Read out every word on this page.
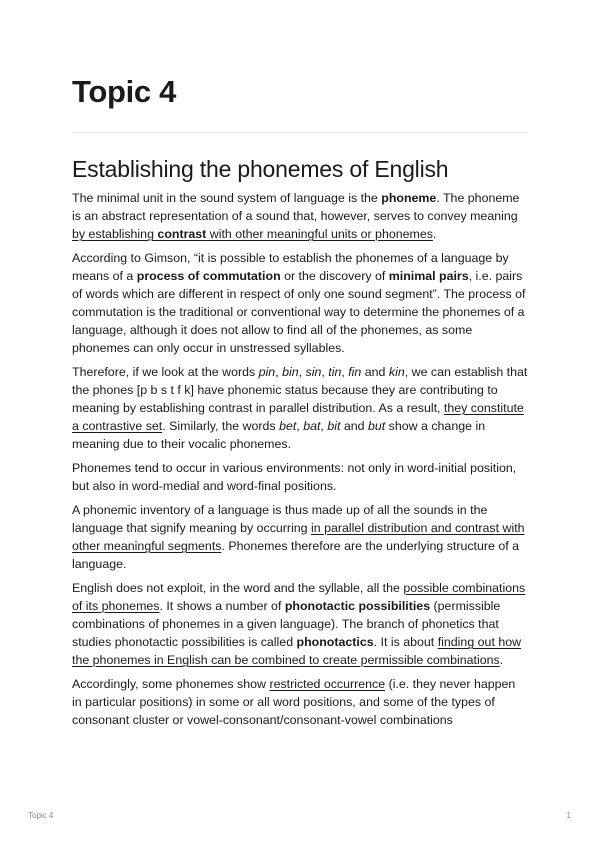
Topic 4
Establishing the phonemes of English

The minimal unit in the sound system of language is the phoneme. The phoneme is an abstract representation of a sound that, however, serves to convey meaning by establishing contrast with other meaningful units or phonemes.

According to Gimson, “it is possible to establish the phonemes of a language by means of a process of commutation or the discovery of minimal pairs, i.e. pairs of words which are different in respect of only one sound segment”. The process of commutation is the traditional or conventional way to determine the phonemes of a language, although it does not allow to find all of the phonemes, as some phonemes can only occur in unstressed syllables.

Therefore, if we look at the words pin, bin, sin, tin, fin and kin, we can establish that the phones [p b s t f k] have phonemic status because they are contributing to meaning by establishing contrast in parallel distribution. As a result, they constitute a contrastive set. Similarly, the words bet, bat, bit and but show a change in meaning due to their vocalic phonemes.

Phonemes tend to occur in various environments: not only in word-initial position, but also in word-medial and word-final positions.

A phonemic inventory of a language is thus made up of all the sounds in the language that signify meaning by occurring in parallel distribution and contrast with other meaningful segments. Phonemes therefore are the underlying structure of a language.

English does not exploit, in the word and the syllable, all the possible combinations of its phonemes. It shows a number of phonotactic possibilities (permissible combinations of phonemes in a given language). The branch of phonetics that studies phonotactic possibilities is called phonotactics. It is about finding out how the phonemes in English can be combined to create permissible combinations.

Accordingly, some phonemes show restricted occurrence (i.e. they never happen in particular positions) in some or all word positions, and some of the types of consonant cluster or vowel-consonant/consonant-vowel combinations

Topic 4	1
